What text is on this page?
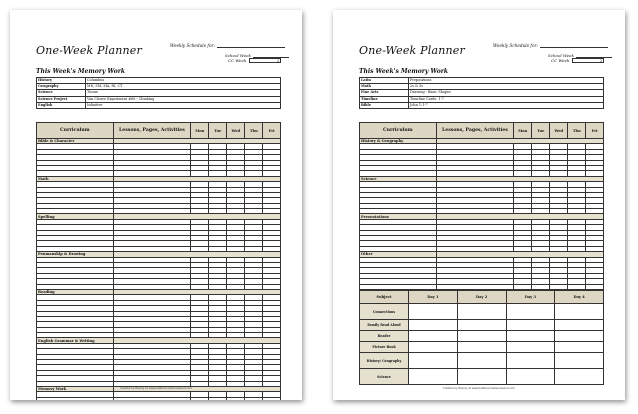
One-Week Planner	Weekly Schedule for:
School Week
CC Week	2
This Week's Memory Work
History	Columbus
Geography	MN, SM, MA, RI, CT
Science	Tissue
Science Project	Van Cleave Experiment #66 - Climbing
English	Infinitive
Curriculum	Lessons, Pages, Activities	Mon	Tue	Wed	Thu	Fri
Bible & Character						

Math						

Spelling						

Penmanship & Drawing						

Reading						

English Grammar & Writing						

Memory Work						

							Created by Brandy at www.halfahundredacrewood.com
One-Week Planner	Weekly Schedule for:
School Week
CC Week	2
This Week's Memory Work
Latin	Prepositions
Math	2s & 3s
Fine Arts	Drawing - Basic Shapes
Timeline	Timeline Cards: 1-7
Bible	John 1:1-7
Curriculum	Lessons, Pages, Activities	Mon	Tue	Wed	Thu	Fri
History & Geography						

Science						

Presentations						

Other						

Subject	Day 1	Day 2	Day 3	Day 4
Connections				
Family Read Aloud				
Reader				
Picture Book				
History/ Geography				
Science				
Created by Brandy at www.halfahundredacrewood.com
